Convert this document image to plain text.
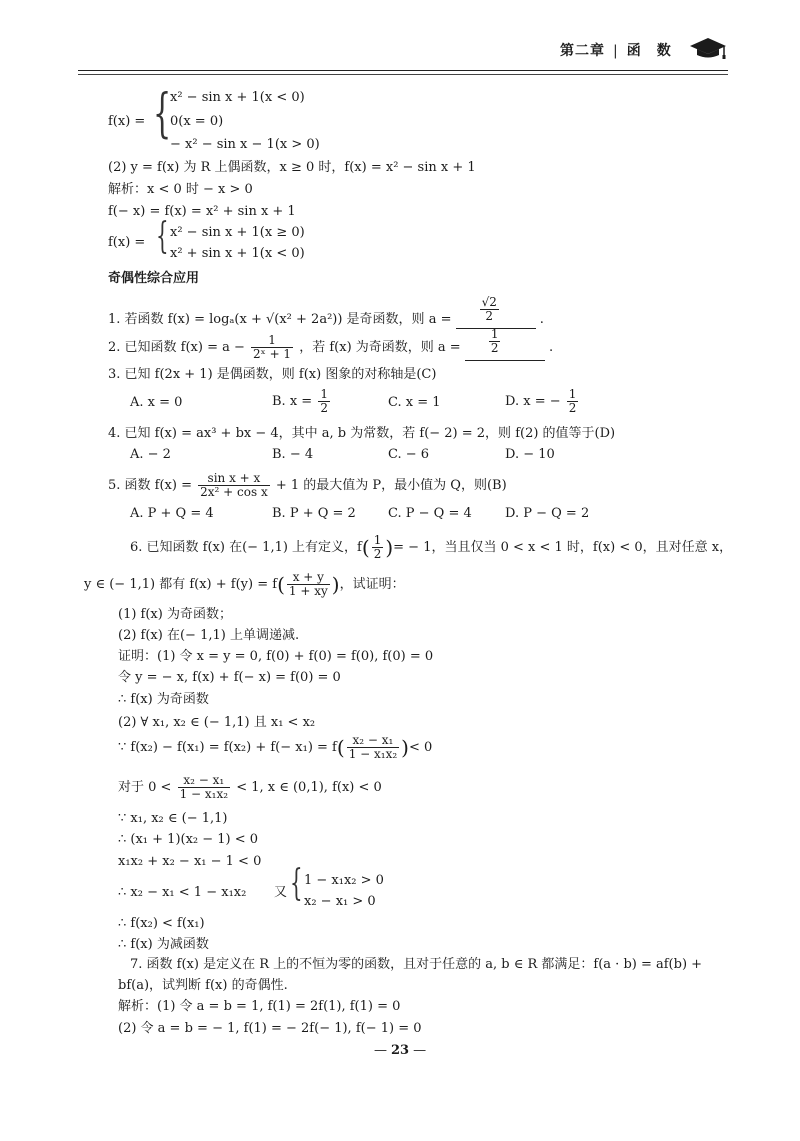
第二章 | 函　数
f(x) = {
x² − sin x + 1(x < 0)
0(x = 0)
− x² − sin x − 1(x > 0)
(2) y = f(x) 为 R 上偶函数，x ≥ 0 时，f(x) = x² − sin x + 1
解析：x < 0 时 − x > 0
f(− x) = f(x) = x² + sin x + 1
f(x) = { x² − sin x + 1(x ≥ 0)
x² + sin x + 1(x < 0)
奇偶性综合应用
1. 若函数 f(x) = logₐ(x + √(x² + 2a²)) 是奇函数，则 $a = \frac{√2}{2}$	.
2. 已知函数 $f(x) = a - \frac{1}{\text{2ˣ + 1}}$ ，若 f(x) 为奇函数，则 $a = \frac{1}{2}$	.
3. 已知 f(2x + 1) 是偶函数，则 f(x) 图象的对称轴是(C)
A. x = 0	B. $x = \frac{1}{2}$	C. x = 1	D. x = − $\frac{1}{2}$
4. 已知 f(x) = ax³ + bx − 4，其中 a, b 为常数，若 f(− 2) = 2，则 f(2) 的值等于(D)
A. − 2	B. − 4	C. − 6	D. − 10
5. 函数 $f(x) = \frac{\text{sin x + x}}{\text{2x² + cos x}} + 1$ 的最大值为 P，最小值为 Q，则(B)
A. P + Q = 4	B. P + Q = 2 C. P − Q = 4	D. P − Q = 2
6. 已知函数 f(x) 在(− 1,1) 上有定义，$f( \frac{1}{2}$ )= − 1，当且仅当 0 < x < 1 时，f(x) < 0，且对任意 x，
y ∈ (− 1,1) 都有 $f(x) + f(y) = f( \frac{x + y}{1 + xy}$ )，试证明：
(1) f(x) 为奇函数；
(2) f(x) 在(− 1,1) 上单调递减.
证明：(1) 令 x = y = 0, f(0) + f(0) = f(0), f(0) = 0
令 y = − x, f(x) + f(− x) = f(0) = 0
∴ f(x) 为奇函数
(2) ∀ x₁, x₂ ∈ (− 1,1) 且 x₁ < x₂
∵ $f(x_2) - f(x_1) = f(x_2) + f(- x_1) = f( \frac{\text{x₂ − x₁}}{\text{1 − x₁x₂}}$ )< 0
对于 $0 < \frac{\text{x₂ − x₁}}{\text{1 − x₁x₂}} < 1$, x ∈ (0,1), f(x) < 0
∵ x₁, x₂ ∈ (− 1,1)
∴ (x₁ + 1)(x₂ − 1) < 0
x₁x₂ + x₂ − x₁ − 1 < 0
∴ x₂ − x₁ < 1 − x₁x₂ 又 { 1 − x₁x₂ > 0
x₂ − x₁ > 0
∴ f(x₂) < f(x₁)
∴ f(x) 为减函数
7. 函数 f(x) 是定义在 R 上的不恒为零的函数，且对于任意的 a, b ∈ R 都满足：f(a · b) = af(b) +
bf(a)，试判断 f(x) 的奇偶性.
解析：(1) 令 a = b = 1, f(1) = 2f(1), f(1) = 0
(2) 令 a = b = − 1, f(1) = − 2f(− 1), f(− 1) = 0
— 23 —
